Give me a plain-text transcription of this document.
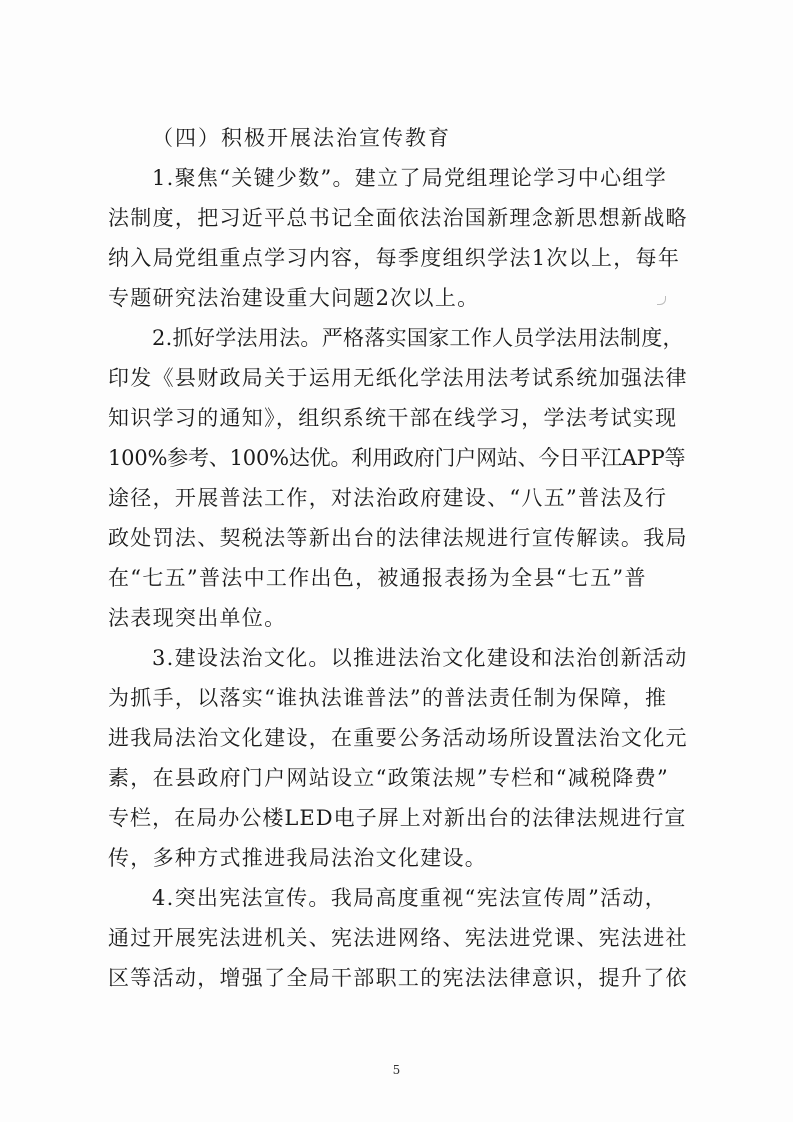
（四）积极开展法治宣传教育
1.聚焦“关键少数”。建立了局党组理论学习中心组学
法制度，把习近平总书记全面依法治国新理念新思想新战略
纳入局党组重点学习内容，每季度组织学法1次以上，每年
专题研究法治建设重大问题2次以上。
2.抓好学法用法。严格落实国家工作人员学法用法制度，
印发《县财政局关于运用无纸化学法用法考试系统加强法律
知识学习的通知》，组织系统干部在线学习，学法考试实现
100%参考、100%达优。利用政府门户网站、今日平江APP等
途径，开展普法工作，对法治政府建设、“八五”普法及行
政处罚法、契税法等新出台的法律法规进行宣传解读。我局
在“七五”普法中工作出色，被通报表扬为全县“七五”普
法表现突出单位。
3.建设法治文化。以推进法治文化建设和法治创新活动
为抓手，以落实“谁执法谁普法”的普法责任制为保障，推
进我局法治文化建设，在重要公务活动场所设置法治文化元
素，在县政府门户网站设立“政策法规”专栏和“减税降费”
专栏，在局办公楼LED电子屏上对新出台的法律法规进行宣
传，多种方式推进我局法治文化建设。
4.突出宪法宣传。我局高度重视“宪法宣传周”活动，
通过开展宪法进机关、宪法进网络、宪法进党课、宪法进社
区等活动，增强了全局干部职工的宪法法律意识，提升了依
5
